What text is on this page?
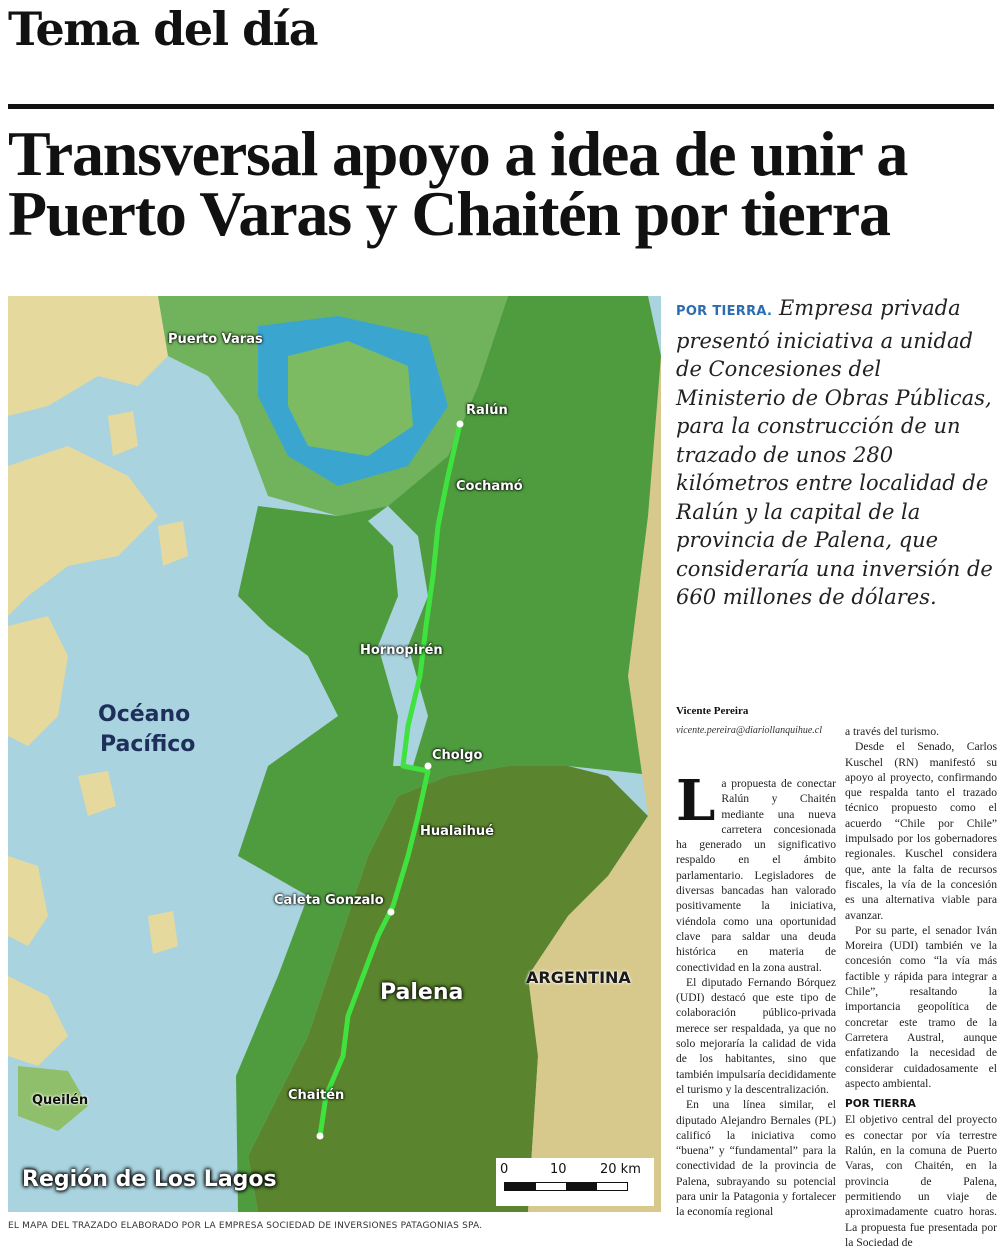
Tema del día
Transversal apoyo a idea de unir a Puerto Varas y Chaitén por tierra
Puerto Varas
Ralún
Cochamó
Hornopirén
Cholgo
Hualaihué
Caleta Gonzalo
Chaitén
Queilén
Océano
Pacífico
Palena
ARGENTINA
Región de Los Lagos	0	10	20 km
EL MAPA DEL TRAZADO ELABORADO POR LA EMPRESA SOCIEDAD DE INVERSIONES PATAGONIAS SPA.
POR TIERRA. Empresa privada presentó iniciativa a unidad de Concesiones del Ministerio de Obras Públicas, para la construcción de un trazado de unos 280 kilómetros entre localidad de Ralún y la capital de la provincia de Palena, que consideraría una inversión de 660 millones de dólares.
Vicente Pereira
vicente.pereira@diariollanquihue.cl

La propuesta de conectar Ralún y Chaitén mediante una nueva carretera concesionada ha generado un significativo respaldo en el ámbito parlamentario. Legisladores de diversas bancadas han valorado positivamente la iniciativa, viéndola como una oportunidad clave para saldar una deuda histórica en materia de conectividad en la zona austral.

El diputado Fernando Bórquez (UDI) destacó que este tipo de colaboración público-privada merece ser respaldada, ya que no solo mejoraría la calidad de vida de los habitantes, sino que también impulsaría decididamente el turismo y la descentralización.

En una línea similar, el diputado Alejandro Bernales (PL) calificó la iniciativa como “buena” y “fundamental” para la conectividad de la provincia de Palena, subrayando su potencial para unir la Patagonia y fortalecer la economía regional

a través del turismo.

Desde el Senado, Carlos Kuschel (RN) manifestó su apoyo al proyecto, confirmando que respalda tanto el trazado técnico propuesto como el acuerdo “Chile por Chile” impulsado por los gobernadores regionales. Kuschel considera que, ante la falta de recursos fiscales, la vía de la concesión es una alternativa viable para avanzar.

Por su parte, el senador Iván Moreira (UDI) también ve la concesión como “la vía más factible y rápida para integrar a Chile”, resaltando la importancia geopolítica de concretar este tramo de la Carretera Austral, aunque enfatizando la necesidad de considerar cuidadosamente el aspecto ambiental.

POR TIERRA

El objetivo central del proyecto es conectar por vía terrestre Ralún, en la comuna de Puerto Varas, con Chaitén, en la provincia de Palena, permitiendo un viaje de aproximadamente cuatro horas. La propuesta fue presentada por la Sociedad de
